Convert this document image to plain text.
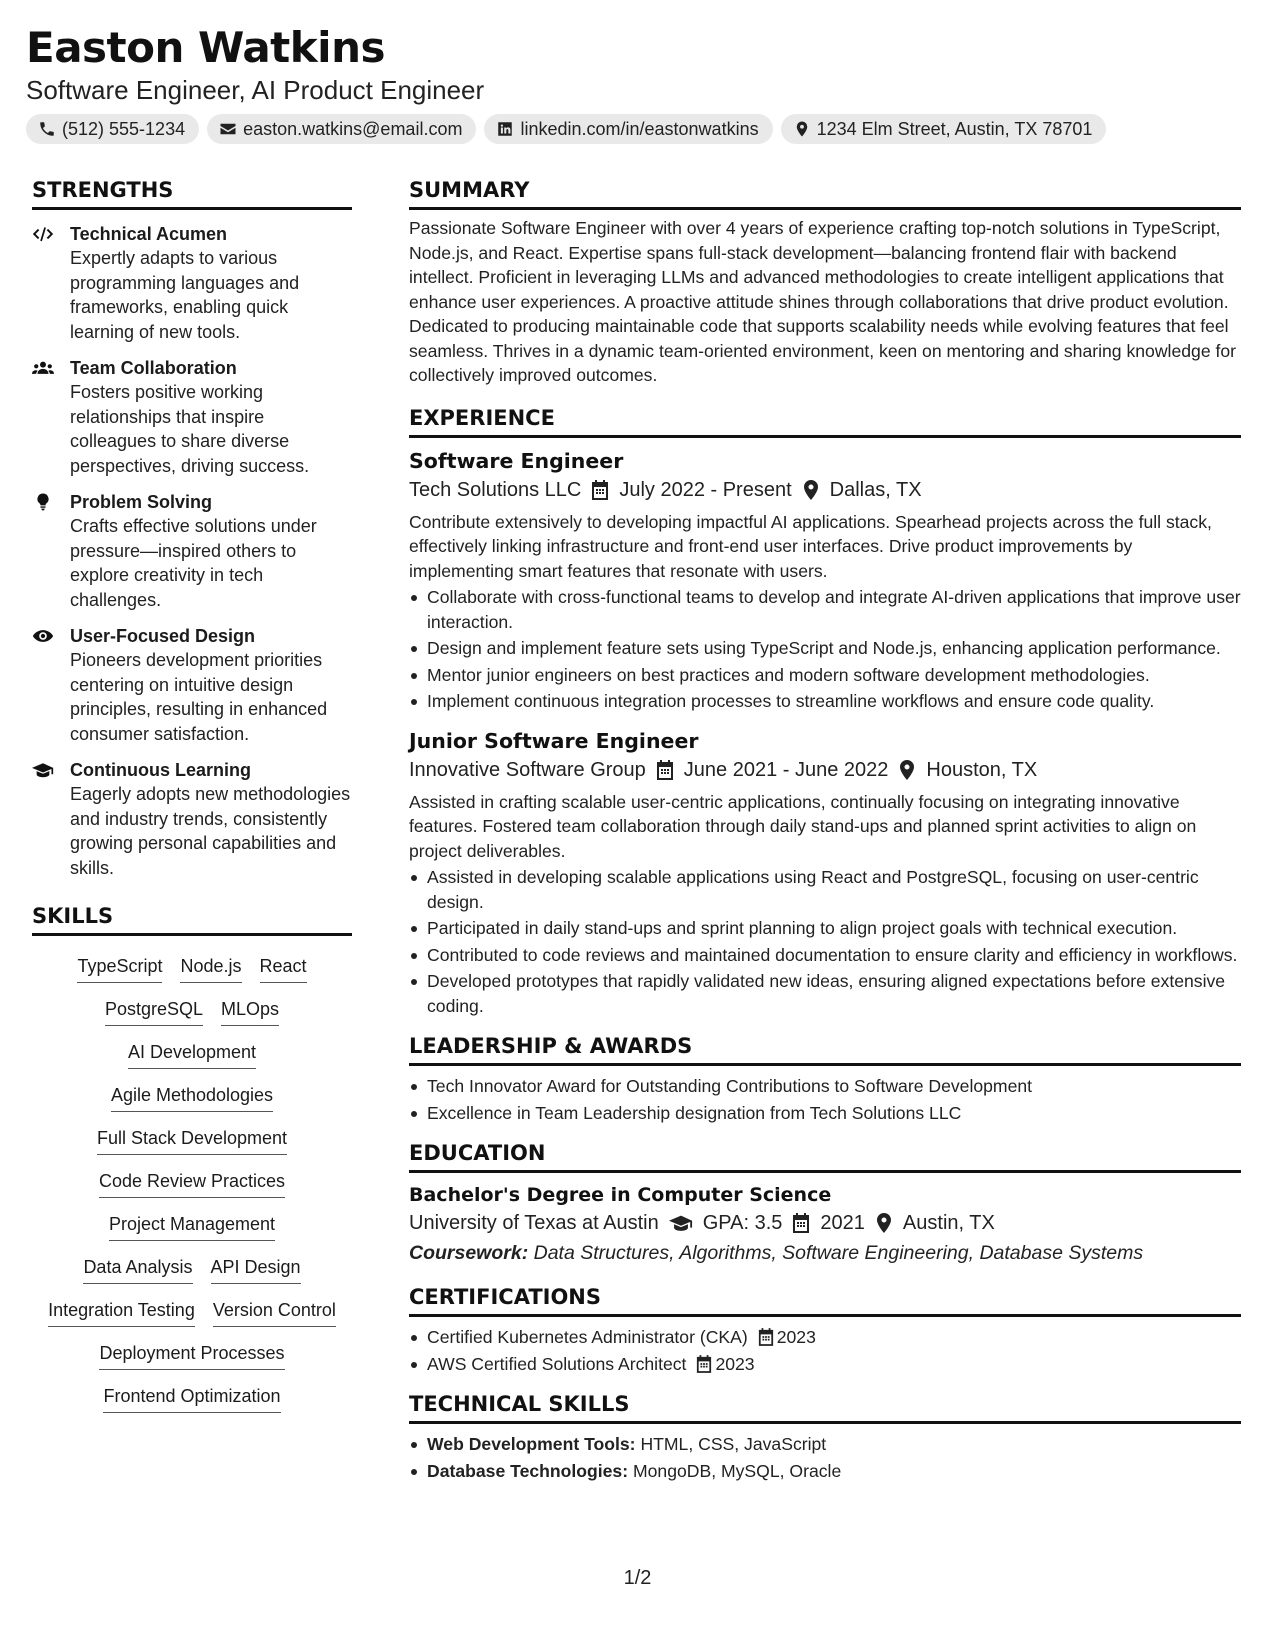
Easton Watkins
Software Engineer, AI Product Engineer
(512) 555-1234	easton.watkins@email.com	linkedin.com/in/eastonwatkins	1234 Elm Street, Austin, TX 78701
STRENGTHS
Technical Acumen
Expertly adapts to various programming languages and frameworks, enabling quick learning of new tools.
Team Collaboration
Fosters positive working relationships that inspire colleagues to share diverse perspectives, driving success.
Problem Solving
Crafts effective solutions under pressure—inspired others to explore creativity in tech challenges.
User-Focused Design
Pioneers development priorities centering on intuitive design principles, resulting in enhanced consumer satisfaction.
Continuous Learning
Eagerly adopts new methodologies and industry trends, consistently growing personal capabilities and skills.
SKILLS
TypeScript Node.js React
PostgreSQL MLOps
AI Development
Agile Methodologies
Full Stack Development
Code Review Practices
Project Management
Data Analysis API Design
Integration Testing Version Control
Deployment Processes
Frontend Optimization
SUMMARY
Passionate Software Engineer with over 4 years of experience crafting top-notch solutions in TypeScript, Node.js, and React. Expertise spans full-stack development—balancing frontend flair with backend intellect. Proficient in leveraging LLMs and advanced methodologies to create intelligent applications that enhance user experiences. A proactive attitude shines through collaborations that drive product evolution. Dedicated to producing maintainable code that supports scalability needs while evolving features that feel seamless. Thrives in a dynamic team-oriented environment, keen on mentoring and sharing knowledge for collectively improved outcomes.
EXPERIENCE
Software Engineer
Tech Solutions LLC July 2022 - Present Dallas, TX
Contribute extensively to developing impactful AI applications. Spearhead projects across the full stack, effectively linking infrastructure and front-end user interfaces. Drive product improvements by implementing smart features that resonate with users.
Collaborate with cross-functional teams to develop and integrate AI-driven applications that improve user interaction.
Design and implement feature sets using TypeScript and Node.js, enhancing application performance.
Mentor junior engineers on best practices and modern software development methodologies.
Implement continuous integration processes to streamline workflows and ensure code quality.
Junior Software Engineer
Innovative Software Group June 2021 - June 2022 Houston, TX
Assisted in crafting scalable user-centric applications, continually focusing on integrating innovative features. Fostered team collaboration through daily stand-ups and planned sprint activities to align on project deliverables.
Assisted in developing scalable applications using React and PostgreSQL, focusing on user-centric design.
Participated in daily stand-ups and sprint planning to align project goals with technical execution.
Contributed to code reviews and maintained documentation to ensure clarity and efficiency in workflows.
Developed prototypes that rapidly validated new ideas, ensuring aligned expectations before extensive coding.
LEADERSHIP & AWARDS
Tech Innovator Award for Outstanding Contributions to Software Development
Excellence in Team Leadership designation from Tech Solutions LLC
EDUCATION
Bachelor's Degree in Computer Science
University of Texas at Austin GPA: 3.5 2021 Austin, TX
Coursework: Data Structures, Algorithms, Software Engineering, Database Systems
CERTIFICATIONS
Certified Kubernetes Administrator (CKA) 2023
AWS Certified Solutions Architect 2023
TECHNICAL SKILLS
Web Development Tools: HTML, CSS, JavaScript
Database Technologies: MongoDB, MySQL, Oracle
1/2
